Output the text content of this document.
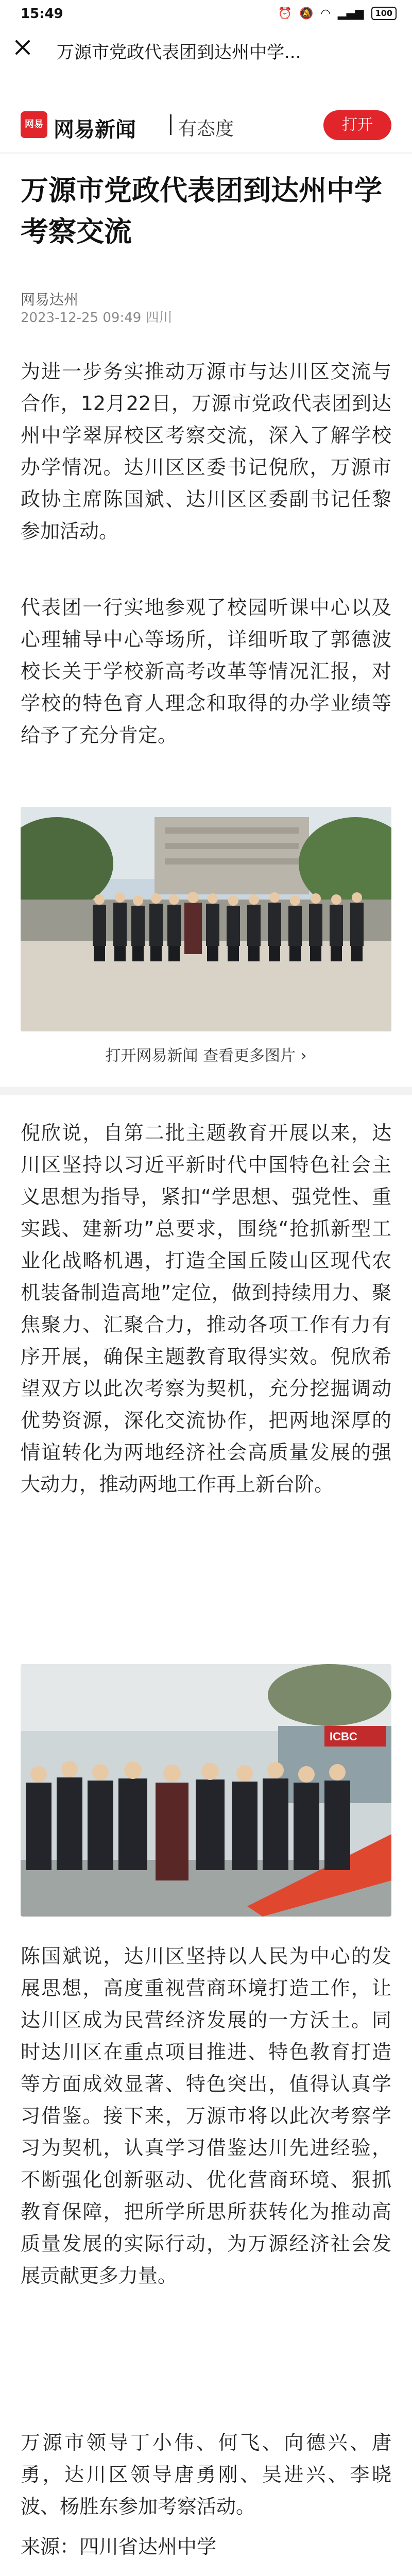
15:49	⏰ 🔕 ◠ ▂▄▆	100
万源市党政代表团到达州中学...
网易 网易新闻 有态度	打开
万源市党政代表团到达州中学考察交流
网易达州
2023-12-25 09:49 四川

为进一步务实推动万源市与达川区交流与合作，12月22日，万源市党政代表团到达州中学翠屏校区考察交流，深入了解学校办学情况。达川区区委书记倪欣，万源市政协主席陈国斌、达川区区委副书记任黎参加活动。

代表团一行实地参观了校园听课中心以及心理辅导中心等场所，详细听取了郭德波校长关于学校新高考改革等情况汇报，对学校的特色育人理念和取得的办学业绩等给予了充分肯定。

打开网易新闻 查看更多图片 ›

倪欣说，自第二批主题教育开展以来，达川区坚持以习近平新时代中国特色社会主义思想为指导，紧扣“学思想、强党性、重实践、建新功”总要求，围绕“抢抓新型工业化战略机遇，打造全国丘陵山区现代农机装备制造高地”定位，做到持续用力、聚焦聚力、汇聚合力，推动各项工作有力有序开展，确保主题教育取得实效。倪欣希望双方以此次考察为契机，充分挖掘调动优势资源，深化交流协作，把两地深厚的情谊转化为两地经济社会高质量发展的强大动力，推动两地工作再上新台阶。

ICBC

陈国斌说，达川区坚持以人民为中心的发展思想，高度重视营商环境打造工作，让达川区成为民营经济发展的一方沃土。同时达川区在重点项目推进、特色教育打造等方面成效显著、特色突出，值得认真学习借鉴。接下来，万源市将以此次考察学习为契机，认真学习借鉴达川先进经验，不断强化创新驱动、优化营商环境、狠抓教育保障，把所学所思所获转化为推动高质量发展的实际行动，为万源经济社会发展贡献更多力量。

万源市领导丁小伟、何飞、向德兴、唐勇，达川区领导唐勇刚、吴进兴、李晓波、杨胜东参加考察活动。

来源：四川省达州中学
